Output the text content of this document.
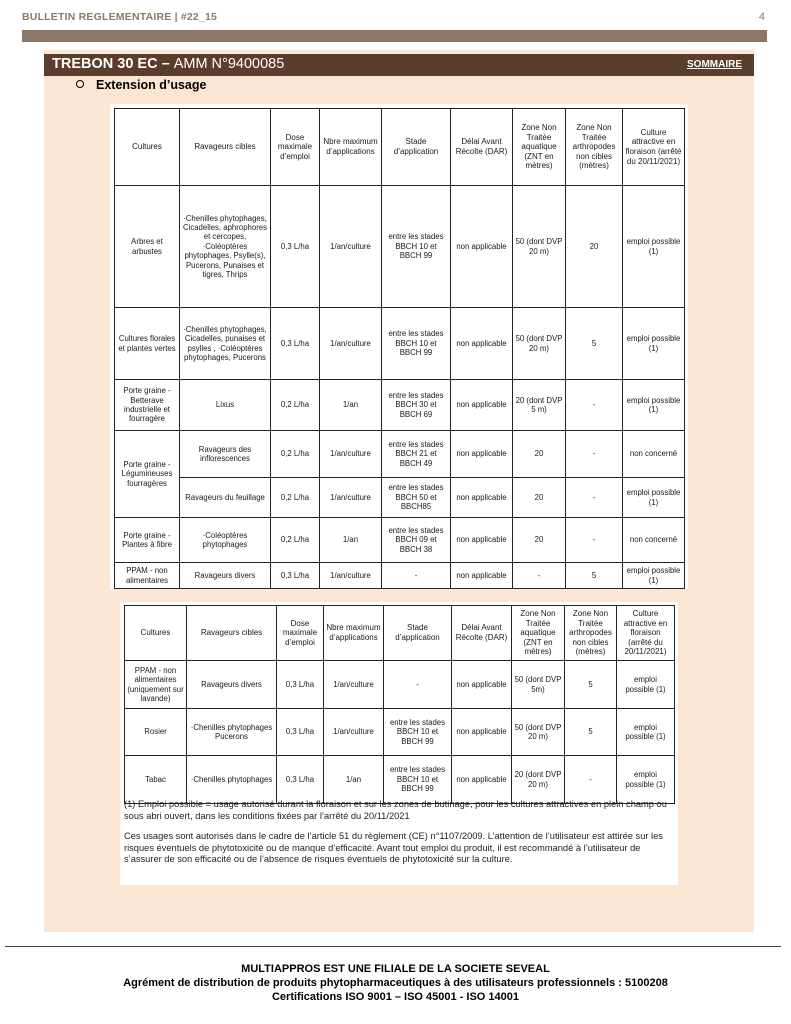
BULLETIN REGLEMENTAIRE | #22_15	4
TREBON 30 EC – AMM N°9400085	SOMMAIRE
Extension d’usage
Cultures	Ravageurs cibles	Dose maximale d’emploi	Nbre maximum d’applications	Stade d’application	Délai Avant Récolte (DAR)	Zone Non Traitée aquatique (ZNT en mètres)	Zone Non Traitée arthropodes non cibles (mètres)	Culture attractive en floraison (arrêté du 20/11/2021)
Arbres et arbustes	·Chenilles phytophages, Cicadelles, aphrophores et cercopes, ·Coléoptères phytophages, Psylle(s), Pucerons, Punaises et tigres, Thrips	0,3 L/ha	1/an/culture	entre les stades BBCH 10 et BBCH 99	non applicable	50 (dont DVP 20 m)	20	emploi possible (1)
Cultures florales et plantes vertes	·Chenilles phytophages, Cicadelles, punaises et psylles , ·Coléoptères phytophages, Pucerons	0,3 L/ha	1/an/culture	entre les stades BBCH 10 et BBCH 99	non applicable	50 (dont DVP 20 m)	5	emploi possible (1)
Porte graine - Betterave industrielle et fourragère	Lixus	0,2 L/ha	1/an	entre les stades BBCH 30 et BBCH 69	non applicable	20 (dont DVP 5 m)	-	emploi possible (1)
Porte graine - Légumineuses fourragères	Ravageurs des inflorescences	0,2 L/ha	1/an/culture	entre les stades BBCH 21 et BBCH 49	non applicable	20	-	non concerné
	Ravageurs du feuillage	0,2 L/ha	1/an/culture	entre les stades BBCH 50 et BBCH85	non applicable	20	-	emploi possible (1)
Porte graine - Plantes à fibre	·Coléoptères phytophages	0,2 L/ha	1/an	entre les stades BBCH 09 et BBCH 38	non applicable	20	-	non concerné
PPAM - non alimentaires	Ravageurs divers	0,3 L/ha	1/an/culture	-	non applicable	-	5	emploi possible (1)
Cultures	Ravageurs cibles	Dose maximale d’emploi	Nbre maximum d’applications	Stade d’application	Délai Avant Récolte (DAR)	Zone Non Traitée aquatique (ZNT en mètres)	Zone Non Traitée arthropodes non cibles (mètres)	Culture attractive en floraison (arrêté du 20/11/2021)
PPAM - non alimentaires (uniquement sur lavande)	Ravageurs divers	0,3 L/ha	1/an/culture	-	non applicable	50 (dont DVP 5m)	5	emploi possible (1)
Rosier	·Chenilles phytophages Pucerons	0,3 L/ha	1/an/culture	entre les stades BBCH 10 et BBCH 99	non applicable	50 (dont DVP 20 m)	5	emploi possible (1)
Tabac	·Chenilles phytophages	0,3 L/ha	1/an	entre les stades BBCH 10 et BBCH 99	non applicable	20 (dont DVP 20 m)	-	emploi possible (1)

(1) Emploi possible = usage autorisé durant la floraison et sur les zones de butinage, pour les cultures attractives en plein champ ou sous abri ouvert, dans les conditions fixées par l’arrêté du 20/11/2021

Ces usages sont autorisés dans le cadre de l’article 51 du règlement (CE) n°1107/2009. L’attention de l’utilisateur est attirée sur les risques éventuels de phytotoxicité ou de manque d’efficacité. Avant tout emploi du produit, il est recommandé à l’utilisateur de s’assurer de son efficacité ou de l’absence de risques éventuels de phytotoxicité sur la culture.

MULTIAPPROS EST UNE FILIALE DE LA SOCIETE SEVEAL
Agrément de distribution de produits phytopharmaceutiques à des utilisateurs professionnels : 5100208
Certifications ISO 9001 – ISO 45001 - ISO 14001
